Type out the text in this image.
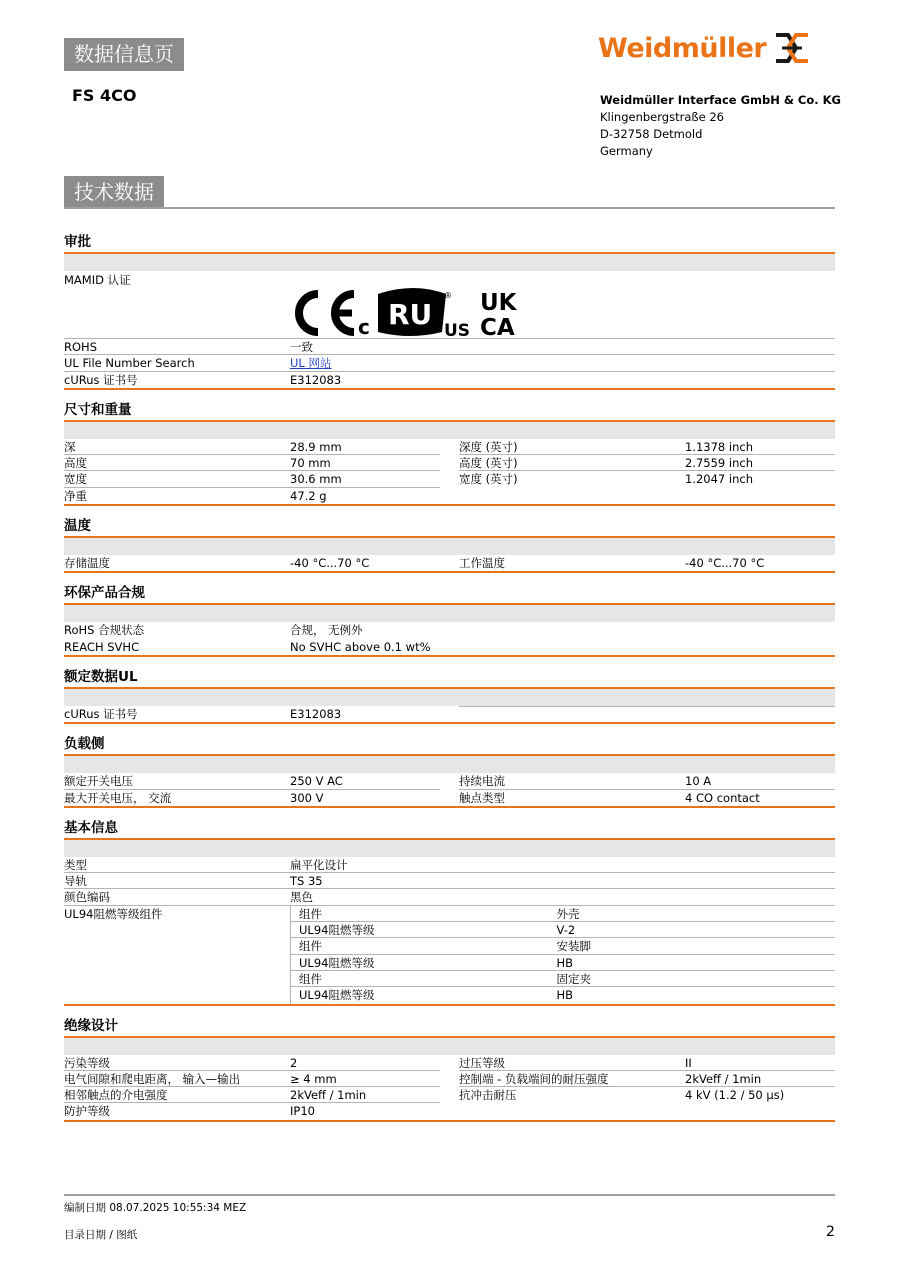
数据信息页
FS 4CO
Weidmüller
Weidmüller Interface GmbH & Co. KG
Klingenbergstraße 26
D-32758 Detmold
Germany
技术数据
审批
MAMID 认证
c RU US
® UK
CA
ROHS	一致
UL File Number Search	UL 网站
cURus 证书号	E312083
尺寸和重量
深	28.9 mm	深度 (英寸)	1.1378 inch
高度	70 mm	高度 (英寸)	2.7559 inch
宽度	30.6 mm	宽度 (英寸)	1.2047 inch
净重	47.2 g
温度
存储温度	-40 °C...70 °C	工作温度	-40 °C...70 °C
环保产品合规
RoHS 合规状态	合规， 无例外
REACH SVHC	No SVHC above 0.1 wt%
额定数据UL
cURus 证书号	E312083
负载侧
额定开关电压	250 V AC	持续电流	10 A
最大开关电压， 交流	300 V	触点类型	4 CO contact
基本信息
类型	扁平化设计
导轨	TS 35
颜色编码	黑色
UL94阻燃等级组件	组件	外壳
UL94阻燃等级	V-2
组件	安装脚
UL94阻燃等级	HB
组件	固定夹
UL94阻燃等级	HB
绝缘设计
污染等级	2	过压等级	II
电气间隙和爬电距离， 输入—输出	≥ 4 mm	控制端 - 负载端间的耐压强度	2kVeff / 1min
相邻触点的介电强度	2kVeff / 1min	抗冲击耐压	4 kV (1.2 / 50 µs)
防护等级	IP10
编制日期 08.07.2025 10:55:34 MEZ
目录日期 / 图纸	2
